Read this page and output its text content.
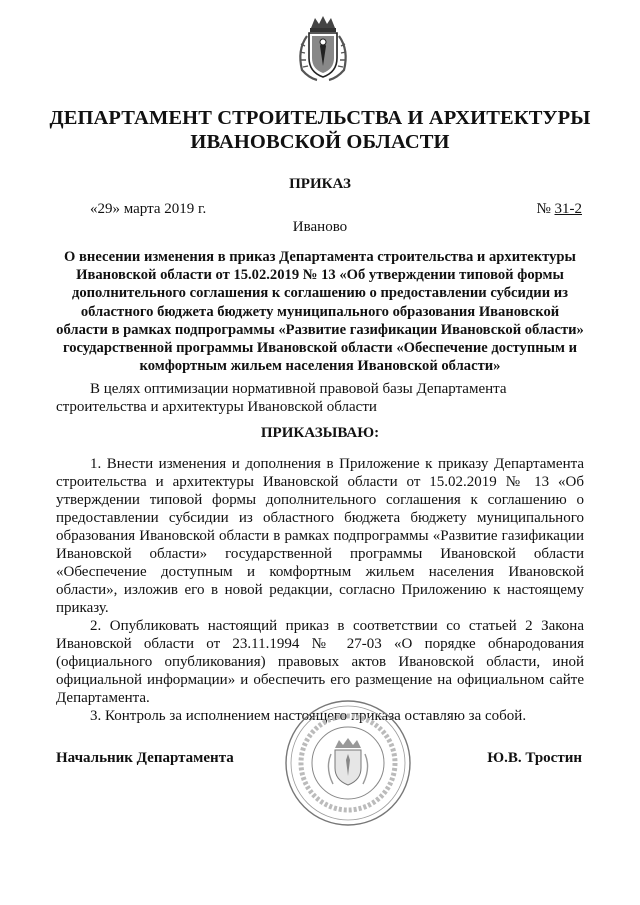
ДЕПАРТАМЕНТ СТРОИТЕЛЬСТВА И АРХИТЕКТУРЫ
ИВАНОВСКОЙ ОБЛАСТИ
ПРИКАЗ
«29» марта 2019 г.	№ 31-2
Иваново
О внесении изменения в приказ Департамента строительства и архитектуры Ивановской области от 15.02.2019 № 13 «Об утверждении типовой формы дополнительного соглашения к соглашению о предоставлении субсидии из областного бюджета бюджету муниципального образования Ивановской области в рамках подпрограммы «Развитие газификации Ивановской области» государственной программы Ивановской области «Обеспечение доступным и комфортным жильем населения Ивановской области»
В целях оптимизации нормативной правовой базы Департамента строительства и архитектуры Ивановской области
ПРИКАЗЫВАЮ:

1. Внести изменения и дополнения в Приложение к приказу Департамента строительства и архитектуры Ивановской области от 15.02.2019 № 13 «Об утверждении типовой формы дополнительного соглашения к соглашению о предоставлении субсидии из областного бюджета бюджету муниципального образования Ивановской области в рамках подпрограммы «Развитие газификации Ивановской области» государственной программы Ивановской области «Обеспечение доступным и комфортным жильем населения Ивановской области», изложив его в новой редакции, согласно Приложению к настоящему приказу.

2. Опубликовать настоящий приказ в соответствии со статьей 2 Закона Ивановской области от 23.11.1994 № 27-03 «О порядке обнародования (официального опубликования) правовых актов Ивановской области, иной официальной информации» и обеспечить его размещение на официальном сайте Департамента.

3. Контроль за исполнением настоящего приказа оставляю за собой.

Начальник Департамента	Ю.В. Тростин
